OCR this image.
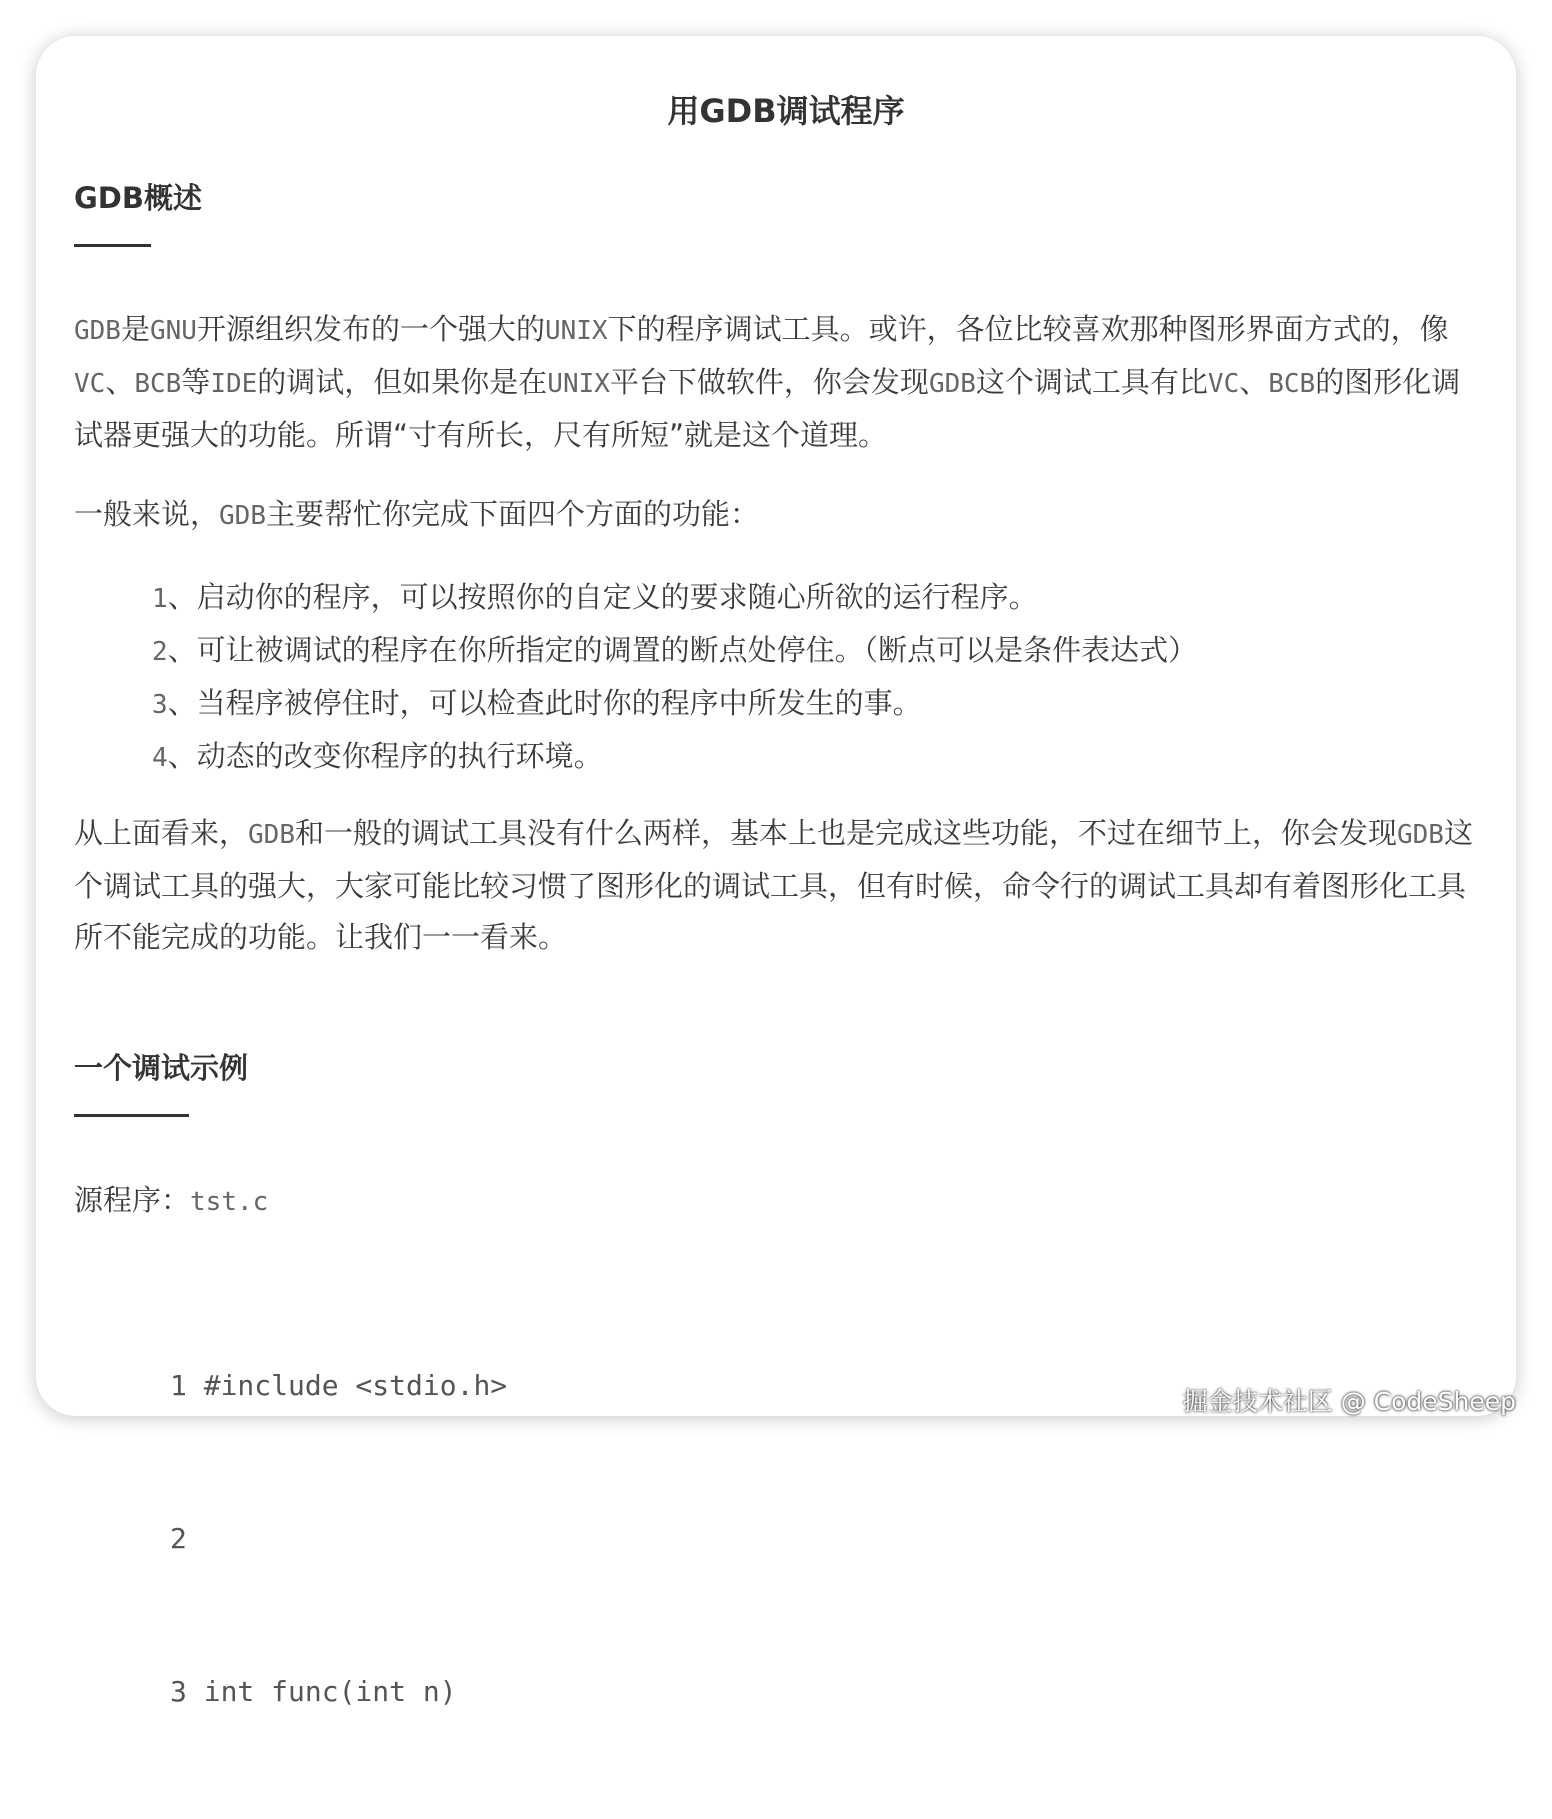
用GDB调试程序
GDB概述
GDB是GNU开源组织发布的一个强大的UNIX下的程序调试工具。或许，各位比较喜欢那种图形界面方式的，像VC、BCB等IDE的调试，但如果你是在UNIX平台下做软件，你会发现GDB这个调试工具有比VC、BCB的图形化调试器更强大的功能。所谓“寸有所长，尺有所短”就是这个道理。
一般来说，GDB主要帮忙你完成下面四个方面的功能：
1、启动你的程序，可以按照你的自定义的要求随心所欲的运行程序。
2、可让被调试的程序在你所指定的调置的断点处停住。（断点可以是条件表达式）
3、当程序被停住时，可以检查此时你的程序中所发生的事。
4、动态的改变你程序的执行环境。
从上面看来，GDB和一般的调试工具没有什么两样，基本上也是完成这些功能，不过在细节上，你会发现GDB这个调试工具的强大，大家可能比较习惯了图形化的调试工具，但有时候，命令行的调试工具却有着图形化工具所不能完成的功能。让我们一一看来。
一个调试示例
源程序：tst.c

1 #include <stdio.h>

2

3 int func(int n)

掘金技术社区 @ CodeSheep
